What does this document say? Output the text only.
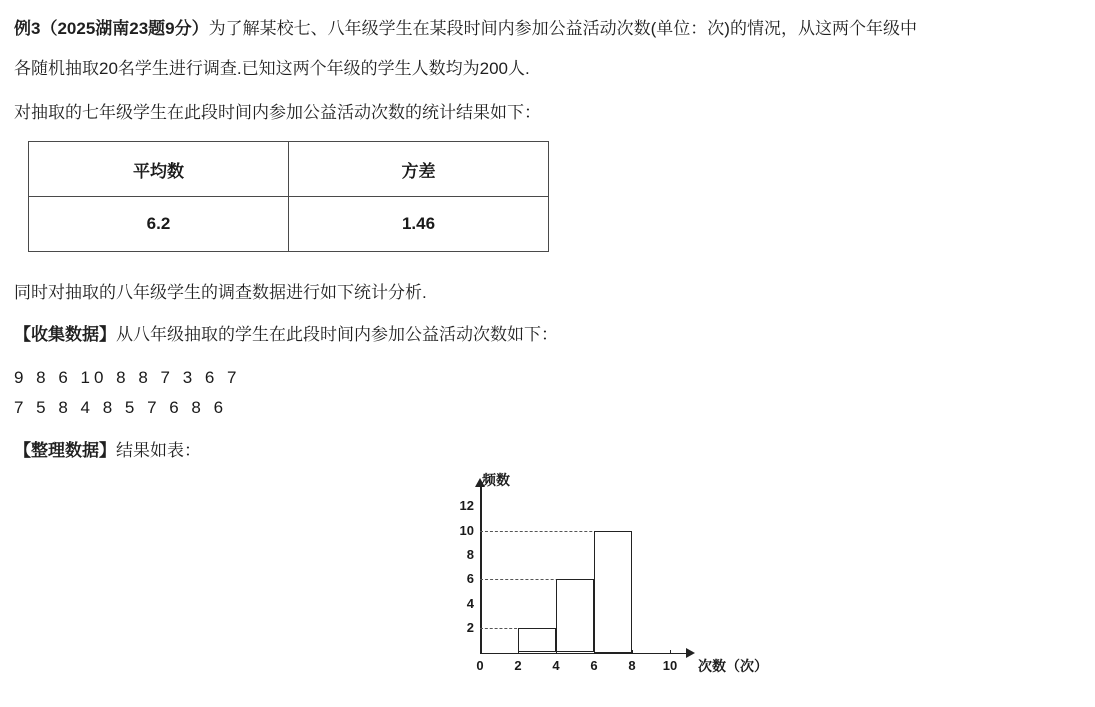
例3（2025湖南23题9分）为了解某校七、八年级学生在某段时间内参加公益活动次数(单位：次)的情况，从这两个年级中

各随机抽取20名学生进行调查.已知这两个年级的学生人数均为200人.

对抽取的七年级学生在此段时间内参加公益活动次数的统计结果如下：

平均数	方差
6.2	1.46

同时对抽取的八年级学生的调查数据进行如下统计分析.

【收集数据】从八年级抽取的学生在此段时间内参加公益活动次数如下：

9 8 6 10 8 8 7 3 6 7
7 5 8 4 8 5 7 6 8 6

【整理数据】结果如表：

频数
次数（次）
2
4
6
8
10
12
0	2	4	6	8	10
